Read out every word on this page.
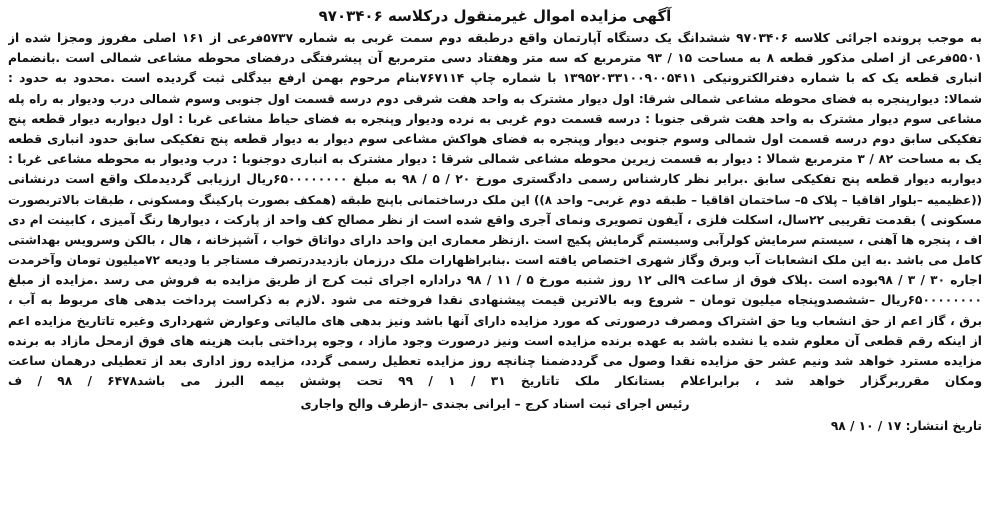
آگهی مزایده اموال غیرمنقول درکلاسه ۹۷۰۳۴۰۶
به موجب پرونده اجرائی کلاسه ۹۷۰۳۴۰۶ ششدانگ یک دستگاه آپارتمان واقع درطبقه دوم سمت غربی به شماره ۵۷۳۷فرعی از ۱۶۱ اصلی مفروز ومجزا شده از
۵۵۰۱فرعی از اصلی مذکور قطعه ۸ به مساحت ۱۵ / ۹۳ مترمربع که سه متر وهفتاد دسی مترمربع آن پیشرفتگی درفضای محوطه مشاعی شمالی است .بانضمام
انباری قطعه یک که با شماره دفترالکترونیکی ۱۳۹۵۲۰۳۳۱۰۰۹۰۰۵۴۱۱ با شماره چاپ ۷۶۷۱۱۴بنام مرحوم بهمن ارفع بیدگلی ثبت گردیده است .محدود به حدود :
شمالا: دیوارپنجره به فضای محوطه مشاعی شمالی شرقا: اول دیوار مشترک به واحد هفت شرقی دوم درسه قسمت اول جنوبی وسوم شمالی درب ودیوار به راه پله
مشاعی سوم دیوار مشترک به واحد هفت شرقی جنوبا : درسه قسمت دوم غربی به نرده ودیوار وپنجره به فضای حیاط مشاعی غربا : اول دیواربه دیوار قطعه پنج
تفکیکی سابق دوم درسه قسمت اول شمالی وسوم جنوبی دیوار وپنجره به فضای هواکش مشاعی سوم دیوار به دیوار قطعه پنج تفکیکی سابق حدود انباری قطعه
یک به مساحت ۸۲ / ۳ مترمربع شمالا : دیوار به قسمت زیرین محوطه مشاعی شمالی شرقا : دیوار مشترک به انباری دوجنوبا : درب ودیوار به محوطه مشاعی غربا :
دیواربه دیوار قطعه پنج تفکیکی سابق .برابر نظر کارشناس رسمی دادگستری مورخ ۲۰ / ۵ / ۹۸ به مبلغ ۶۵۰۰۰۰۰۰۰۰ریال ارزیابی گردیدملک واقع است درنشانی
((عظیمیه –بلوار اقاقیا – پلاک ۵– ساختمان اقاقیا – طبقه دوم غربی– واحد ۸)) این ملک درساختمانی باپنج طبقه (همکف بصورت پارکینگ ومسکونی ، طبقات بالاتربصورت
مسکونی ) بقدمت تقریبی ۲۲سال، اسکلت فلزی ، آیفون تصویری ونمای آجری واقع شده است از نظر مصالح کف واحد از پارکت ، دیوارها رنگ آمیزی ، کابینت ام دی
اف ، پنجره ها آهنی ، سیستم سرمایش کولرآبی وسیستم گرمایش پکیج است .ازنظر معماری این واحد دارای دواتاق خواب ، آشپزخانه ، هال ، بالکن وسرویس بهداشتی
کامل می باشد .به این ملک انشعابات آب وبرق وگاز شهری اختصاص یافته است .بنابراظهارات ملک درزمان بازدیددرتصرف مستاجر با ودیعه ۷۲میلیون تومان وآخرمدت
اجاره ۳۰ / ۳ / ۹۸بوده است .پلاک فوق از ساعت ۹الی ۱۲ روز شنبه مورخ ۵ / ۱۱ / ۹۸ دراداره اجرای ثبت کرج از طریق مزایده به فروش می رسد .مزایده از مبلغ
۶۵۰۰۰۰۰۰۰۰ریال –ششصدوپنجاه میلیون تومان – شروع وبه بالاترین قیمت پیشنهادی نقدا فروخته می شود .لازم به ذکراست پرداخت بدهی های مربوط به آب ،
برق ، گاز اعم از حق انشعاب ویا حق اشتراک ومصرف درصورتی که مورد مزایده دارای آنها باشد ونیز بدهی های مالیاتی وعوارض شهرداری وغیره تاتاریخ مزایده اعم
از اینکه رقم قطعی آن معلوم شده یا نشده باشد به عهده برنده مزایده است ونیز درصورت وجود مازاد ، وجوه پرداختی بابت هزینه های فوق ازمحل مازاد به برنده
مزایده مسترد خواهد شد ونیم عشر حق مزایده نقدا وصول می گرددضمنا چنانچه روز مزایده تعطیل رسمی گردد، مزایده روز اداری بعد از تعطیلی درهمان ساعت
ومکان مقرربرگزار خواهد شد ، برابراعلام بستانکار ملک تاتاریخ ۳۱ / ۱ / ۹۹ تحت پوشش بیمه البرز می باشد۶۴۷۸ / ۹۸ / ف
رئیس اجرای ثبت اسناد کرج – ایرانی بجندی –ازطرف والح واجاری
تاریخ انتشار: ۱۷ / ۱۰ / ۹۸
